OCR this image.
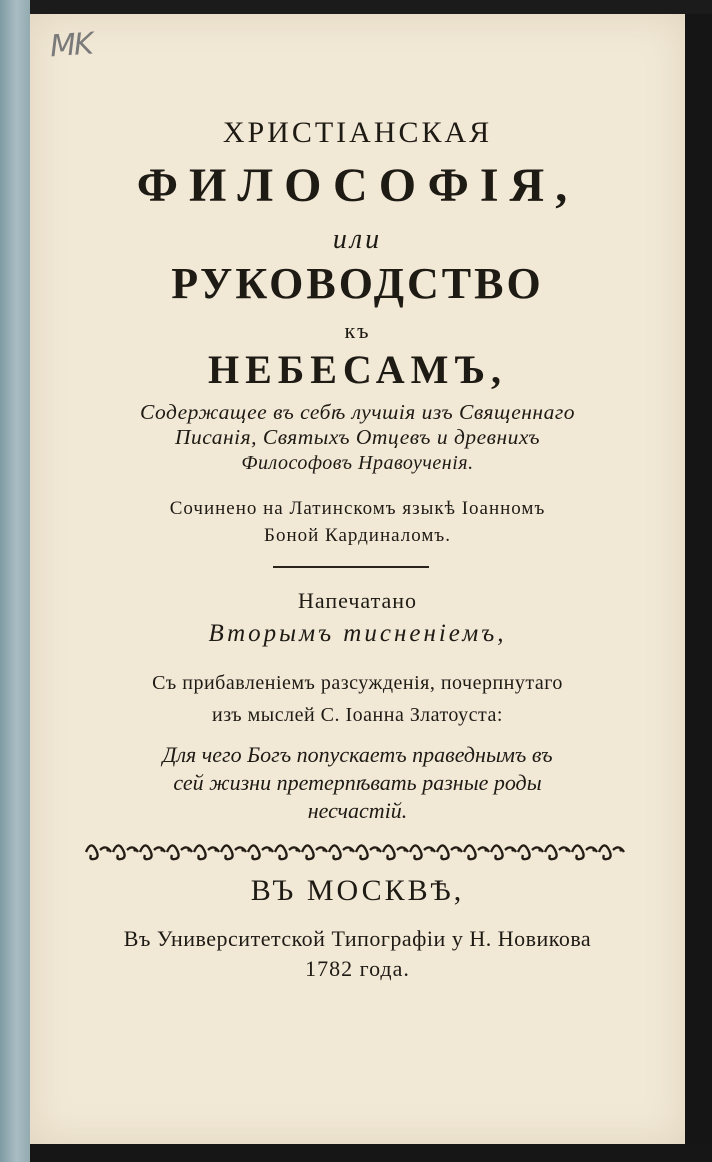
MK
ХРИСТІАНСКАЯ
ФИЛОСОФІЯ,
или
РУКОВОДСТВО
къ
НЕБЕСАМЪ,
Содержащее въ себѣ лучшія изъ Священнаго
Писанія, Святыхъ Отцевъ и древнихъ
Философовъ Нравоученія.
Сочинено на Латинскомъ языкѣ Іоанномъ
Боной Кардиналомъ.
Напечатано
Вторымъ тисненіемъ,
Съ прибавленіемъ разсужденія, почерпнутаго
изъ мыслей С. Іоанна Златоуста:
Для чего Богъ попускаетъ праведнымъ въ
сей жизни претерпѣвать разные роды
несчастій.
ВЪ МОСКВѢ,
Въ Университетской Типографіи у Н. Новикова
1782 года.
